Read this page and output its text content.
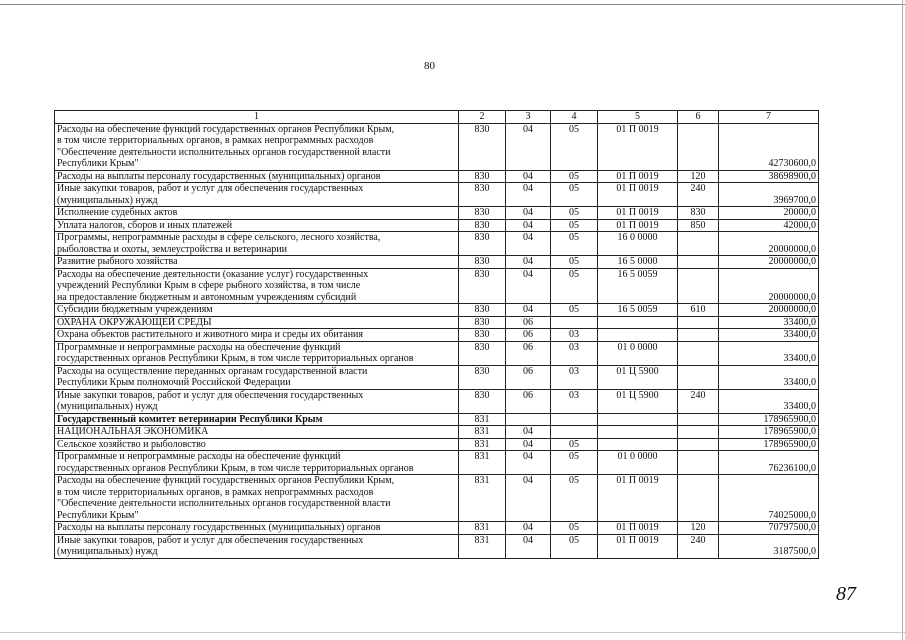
80
1	2	3	4	5	6	7
Расходы на обеспечение функций государственных органов Республики Крым,
в том числе территориальных органов, в рамках непрограммных расходов
"Обеспечение деятельности исполнительных органов государственной власти
Республики Крым"	830	04	05	01 П 0019		42730600,0
Расходы на выплаты персоналу государственных (муниципальных) органов	830	04	05	01 П 0019	120	38698900,0
Иные закупки товаров, работ и услуг для обеспечения государственных
(муниципальных) нужд	830	04	05	01 П 0019	240	3969700,0
Исполнение судебных актов	830	04	05	01 П 0019	830	20000,0
Уплата налогов, сборов и иных платежей	830	04	05	01 П 0019	850	42000,0
Программы, непрограммные расходы в сфере сельского, лесного хозяйства,
рыболовства и охоты, землеустройства и ветеринарии	830	04	05	16 0 0000		20000000,0
Развитие рыбного хозяйства	830	04	05	16 5 0000		20000000,0
Расходы на обеспечение деятельности (оказание услуг) государственных
учреждений Республики Крым в сфере рыбного хозяйства, в том числе
на предоставление бюджетным и автономным учреждениям субсидий	830	04	05	16 5 0059		20000000,0
Субсидии бюджетным учреждениям	830	04	05	16 5 0059	610	20000000,0
ОХРАНА ОКРУЖАЮЩЕЙ СРЕДЫ	830	06				33400,0
Охрана объектов растительного и животного мира и среды их обитания	830	06	03			33400,0
Программные и непрограммные расходы на обеспечение функций
государственных органов Республики Крым, в том числе территориальных органов	830	06	03	01 0 0000		33400,0
Расходы на осуществление переданных органам государственной власти
Республики Крым полномочий Российской Федерации	830	06	03	01 Ц 5900		33400,0
Иные закупки товаров, работ и услуг для обеспечения государственных
(муниципальных) нужд	830	06	03	01 Ц 5900	240	33400,0
Государственный комитет ветеринарии Республики Крым	831					178965900,0
НАЦИОНАЛЬНАЯ ЭКОНОМИКА	831	04				178965900,0
Сельское хозяйство и рыболовство	831	04	05			178965900,0
Программные и непрограммные расходы на обеспечение функций
государственных органов Республики Крым, в том числе территориальных органов	831	04	05	01 0 0000		76236100,0
Расходы на обеспечение функций государственных органов Республики Крым,
в том числе территориальных органов, в рамках непрограммных расходов
"Обеспечение деятельности исполнительных органов государственной власти
Республики Крым"	831	04	05	01 П 0019		74025000,0
Расходы на выплаты персоналу государственных (муниципальных) органов	831	04	05	01 П 0019	120	70797500,0
Иные закупки товаров, работ и услуг для обеспечения государственных
(муниципальных) нужд	831	04	05	01 П 0019	240	3187500,0
87
